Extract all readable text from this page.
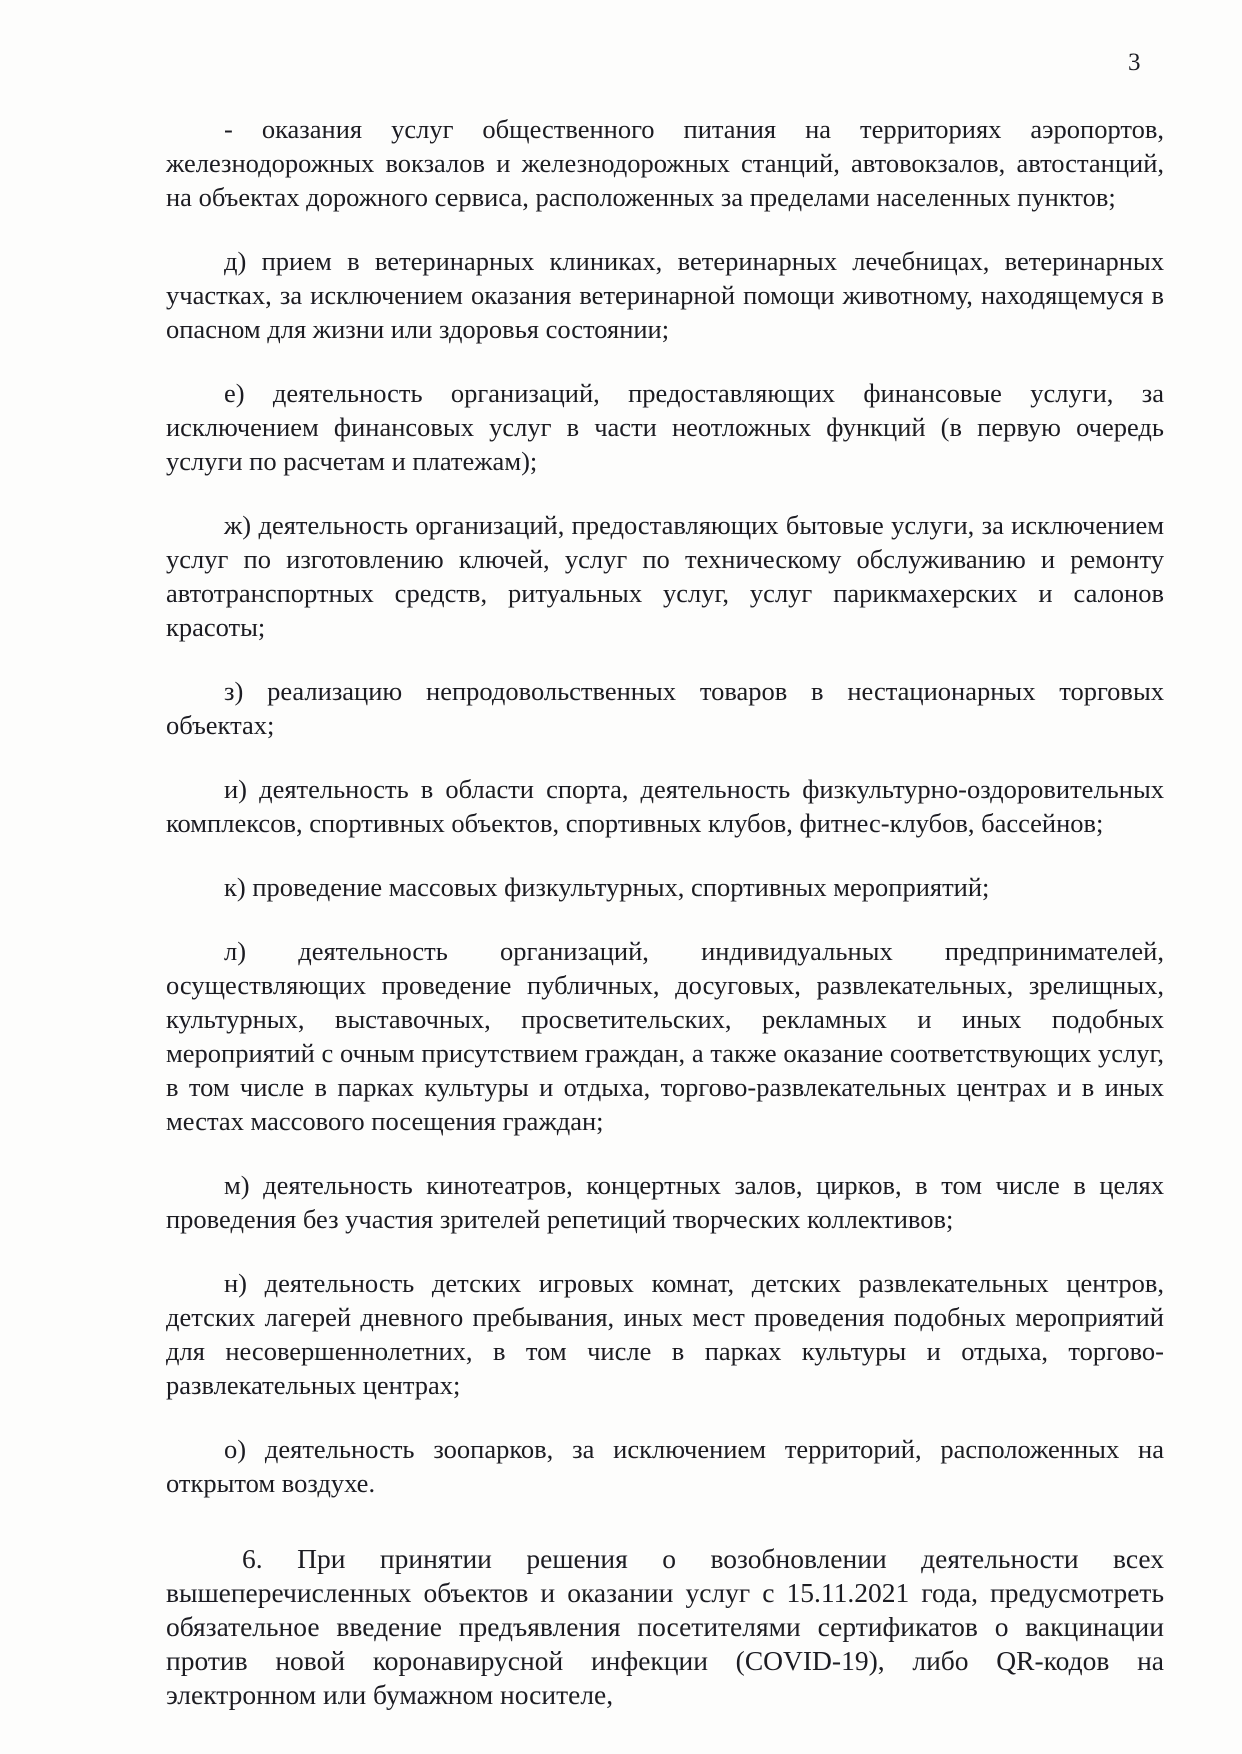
3

- оказания услуг общественного питания на территориях аэропортов, железнодорожных вокзалов и железнодорожных станций, автовокзалов, автостанций, на объектах дорожного сервиса, расположенных за пределами населенных пунктов;

д) прием в ветеринарных клиниках, ветеринарных лечебницах, ветеринарных участках, за исключением оказания ветеринарной помощи животному, находящемуся в опасном для жизни или здоровья состоянии;

е) деятельность организаций, предоставляющих финансовые услуги, за исключением финансовых услуг в части неотложных функций (в первую очередь услуги по расчетам и платежам);

ж) деятельность организаций, предоставляющих бытовые услуги, за исключением услуг по изготовлению ключей, услуг по техническому обслуживанию и ремонту автотранспортных средств, ритуальных услуг, услуг парикмахерских и салонов красоты;

з) реализацию непродовольственных товаров в нестационарных торговых объектах;

и) деятельность в области спорта, деятельность физкультурно-оздоровительных комплексов, спортивных объектов, спортивных клубов, фитнес-клубов, бассейнов;

к) проведение массовых физкультурных, спортивных мероприятий;

л) деятельность организаций, индивидуальных предпринимателей, осуществляющих проведение публичных, досуговых, развлекательных, зрелищных, культурных, выставочных, просветительских, рекламных и иных подобных мероприятий с очным присутствием граждан, а также оказание соответствующих услуг, в том числе в парках культуры и отдыха, торгово-развлекательных центрах и в иных местах массового посещения граждан;

м) деятельность кинотеатров, концертных залов, цирков, в том числе в целях проведения без участия зрителей репетиций творческих коллективов;

н) деятельность детских игровых комнат, детских развлекательных центров, детских лагерей дневного пребывания, иных мест проведения подобных мероприятий для несовершеннолетних, в том числе в парках культуры и отдыха, торгово-развлекательных центрах;

о) деятельность зоопарков, за исключением территорий, расположенных на открытом воздухе.

6. При принятии решения о возобновлении деятельности всех вышеперечисленных объектов и оказании услуг с 15.11.2021 года, предусмотреть обязательное введение предъявления посетителями сертификатов о вакцинации против новой коронавирусной инфекции (COVID-19), либо QR-кодов на электронном или бумажном носителе,
